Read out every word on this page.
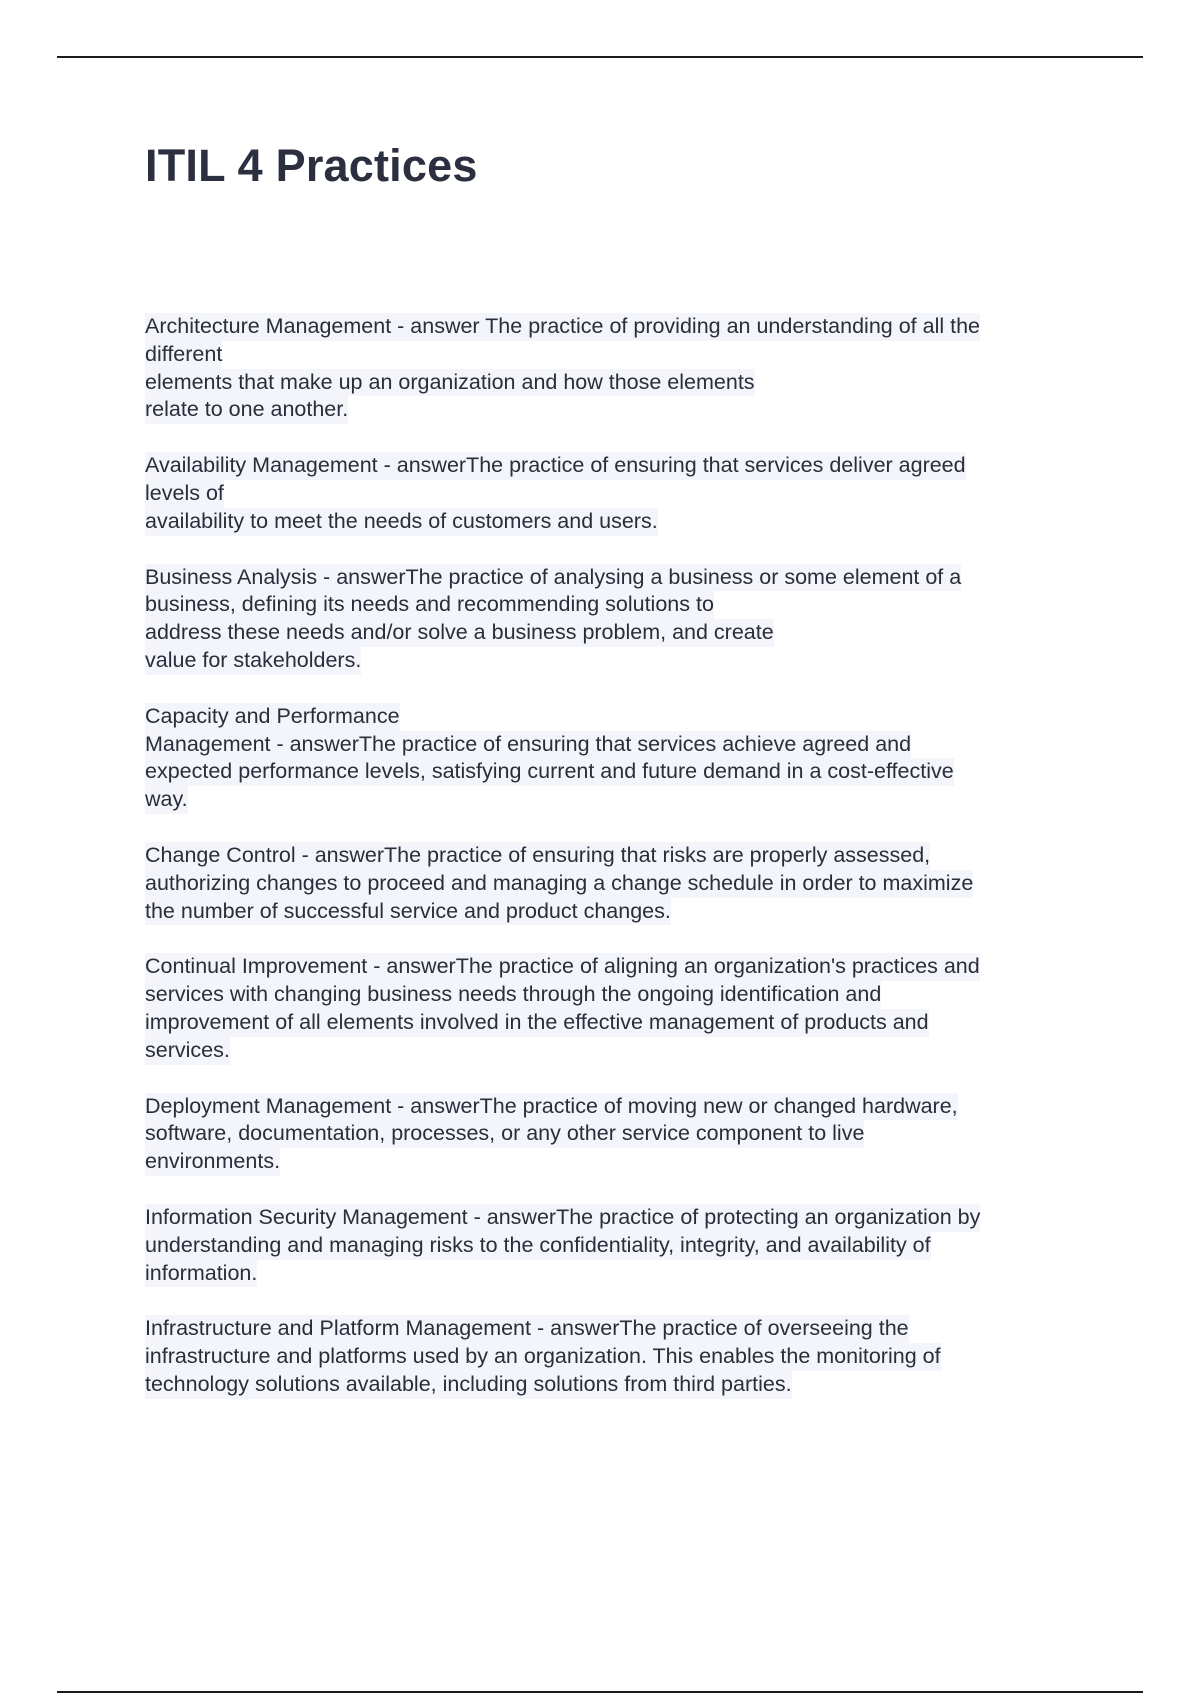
ITIL 4 Practices
Architecture Management - answer The practice of providing an understanding of all the
different
elements that make up an organization and how those elements
relate to one another.
Availability Management - answerThe practice of ensuring that services deliver agreed
levels of
availability to meet the needs of customers and users.
Business Analysis - answerThe practice of analysing a business or some element of a
business, defining its needs and recommending solutions to
address these needs and/or solve a business problem, and create
value for stakeholders.
Capacity and Performance
Management - answerThe practice of ensuring that services achieve agreed and
expected performance levels, satisfying current and future demand in a cost-effective
way.
Change Control - answerThe practice of ensuring that risks are properly assessed,
authorizing changes to proceed and managing a change schedule in order to maximize
the number of successful service and product changes.
Continual Improvement - answerThe practice of aligning an organization's practices and
services with changing business needs through the ongoing identification and
improvement of all elements involved in the effective management of products and
services.
Deployment Management - answerThe practice of moving new or changed hardware,
software, documentation, processes, or any other service component to live
environments.
Information Security Management - answerThe practice of protecting an organization by
understanding and managing risks to the confidentiality, integrity, and availability of
information.
Infrastructure and Platform Management - answerThe practice of overseeing the
infrastructure and platforms used by an organization. This enables the monitoring of
technology solutions available, including solutions from third parties.
